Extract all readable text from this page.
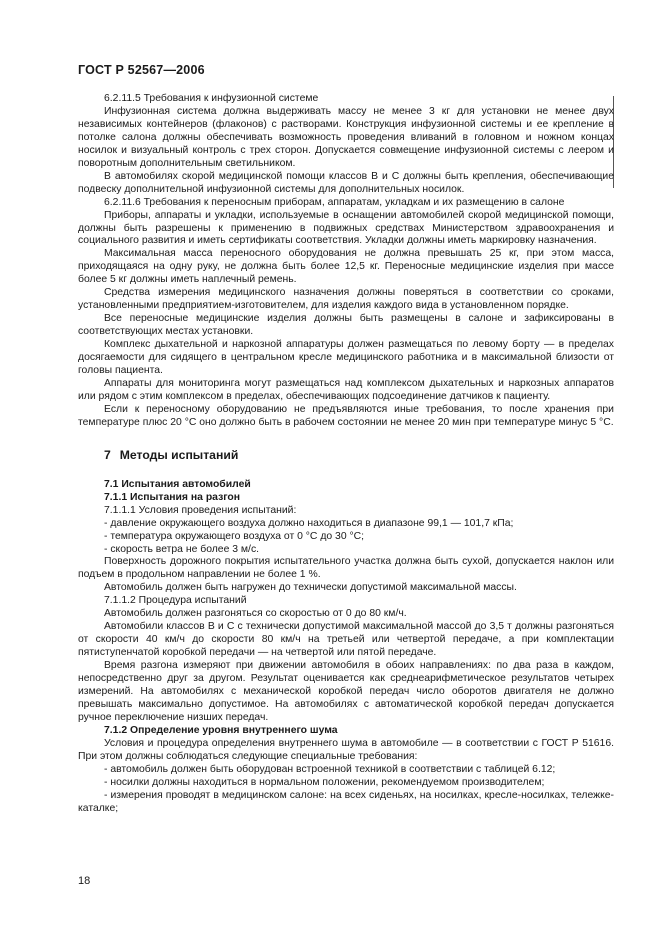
ГОСТ Р 52567—2006

6.2.11.5 Требования к инфузионной системе

Инфузионная система должна выдерживать массу не менее 3 кг для установки не менее двух независимых контейнеров (флаконов) с растворами. Конструкция инфузионной системы и ее крепление в потолке салона должны обеспечивать возможность проведения вливаний в головном и ножном концах носилок и визуальный контроль с трех сторон. Допускается совмещение инфузионной системы с леером и поворотным дополнительным светильником.

В автомобилях скорой медицинской помощи классов В и С должны быть крепления, обеспечивающие подвеску дополнительной инфузионной системы для дополнительных носилок.

6.2.11.6 Требования к переносным приборам, аппаратам, укладкам и их размещению в салоне

Приборы, аппараты и укладки, используемые в оснащении автомобилей скорой медицинской помощи, должны быть разрешены к применению в подвижных средствах Министерством здравоохранения и социального развития и иметь сертификаты соответствия. Укладки должны иметь маркировку назначения.

Максимальная масса переносного оборудования не должна превышать 25 кг, при этом масса, приходящаяся на одну руку, не должна быть более 12,5 кг. Переносные медицинские изделия при массе более 5 кг должны иметь наплечный ремень.

Средства измерения медицинского назначения должны поверяться в соответствии со сроками, установленными предприятием-изготовителем, для изделия каждого вида в установленном порядке.

Все переносные медицинские изделия должны быть размещены в салоне и зафиксированы в соответствующих местах установки.

Комплекс дыхательной и наркозной аппаратуры должен размещаться по левому борту — в пределах досягаемости для сидящего в центральном кресле медицинского работника и в максимальной близости от головы пациента.

Аппараты для мониторинга могут размещаться над комплексом дыхательных и наркозных аппаратов или рядом с этим комплексом в пределах, обеспечивающих подсоединение датчиков к пациенту.

Если к переносному оборудованию не предъявляются иные требования, то после хранения при температуре плюс 20 °С оно должно быть в рабочем состоянии не менее 20 мин при температуре минус 5 °С.

7 Методы испытаний

7.1 Испытания автомобилей

7.1.1 Испытания на разгон

7.1.1.1 Условия проведения испытаний:

- давление окружающего воздуха должно находиться в диапазоне 99,1 — 101,7 кПа;

- температура окружающего воздуха от 0 °С до 30 °С;

- скорость ветра не более 3 м/с.

Поверхность дорожного покрытия испытательного участка должна быть сухой, допускается наклон или подъем в продольном направлении не более 1 %.

Автомобиль должен быть нагружен до технически допустимой максимальной массы.

7.1.1.2 Процедура испытаний

Автомобиль должен разгоняться со скоростью от 0 до 80 км/ч.

Автомобили классов В и С с технически допустимой максимальной массой до 3,5 т должны разгоняться от скорости 40 км/ч до скорости 80 км/ч на третьей или четвертой передаче, а при комплектации пятиступенчатой коробкой передачи — на четвертой или пятой передаче.

Время разгона измеряют при движении автомобиля в обоих направлениях: по два раза в каждом, непосредственно друг за другом. Результат оценивается как среднеарифметическое результатов четырех измерений. На автомобилях с механической коробкой передач число оборотов двигателя не должно превышать максимально допустимое. На автомобилях с автоматической коробкой передач допускается ручное переключение низших передач.

7.1.2 Определение уровня внутреннего шума

Условия и процедура определения внутреннего шума в автомобиле — в соответствии с ГОСТ Р 51616. При этом должны соблюдаться следующие специальные требования:

- автомобиль должен быть оборудован встроенной техникой в соответствии с таблицей 6.12;

- носилки должны находиться в нормальном положении, рекомендуемом производителем;

- измерения проводят в медицинском салоне: на всех сиденьях, на носилках, кресле-носилках, тележке-каталке;

18
